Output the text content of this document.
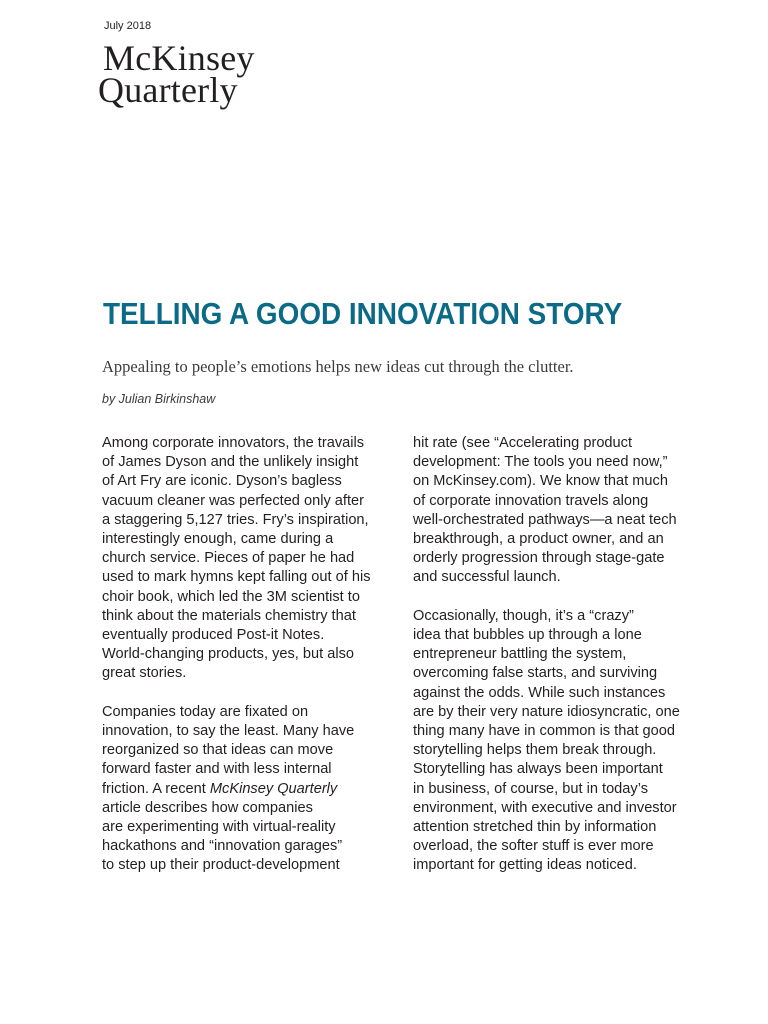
July 2018
McKinsey
Quarterly
TELLING A GOOD INNOVATION STORY
Appealing to people’s emotions helps new ideas cut through the clutter.
by Julian Birkinshaw

Among corporate innovators, the travails
of James Dyson and the unlikely insight
of Art Fry are iconic. Dyson’s bagless
vacuum cleaner was perfected only after
a staggering 5,127 tries. Fry’s inspiration,
interestingly enough, came during a
church service. Pieces of paper he had
used to mark hymns kept falling out of his
choir book, which led the 3M scientist to
think about the materials chemistry that
eventually produced Post-it Notes.
World-changing products, yes, but also
great stories.

Companies today are fixated on
innovation, to say the least. Many have
reorganized so that ideas can move
forward faster and with less internal
friction. A recent McKinsey Quarterly
article describes how companies
are experimenting with virtual-reality
hackathons and “innovation garages”
to step up their product-development

hit rate (see “Accelerating product
development: The tools you need now,”
on McKinsey.com). We know that much
of corporate innovation travels along
well-orchestrated pathways—a neat tech
breakthrough, a product owner, and an
orderly progression through stage-gate
and successful launch.

Occasionally, though, it’s a “crazy”
idea that bubbles up through a lone
entrepreneur battling the system,
overcoming false starts, and surviving
against the odds. While such instances
are by their very nature idiosyncratic, one
thing many have in common is that good
storytelling helps them break through.
Storytelling has always been important
in business, of course, but in today’s
environment, with executive and investor
attention stretched thin by information
overload, the softer stuff is ever more
important for getting ideas noticed.
